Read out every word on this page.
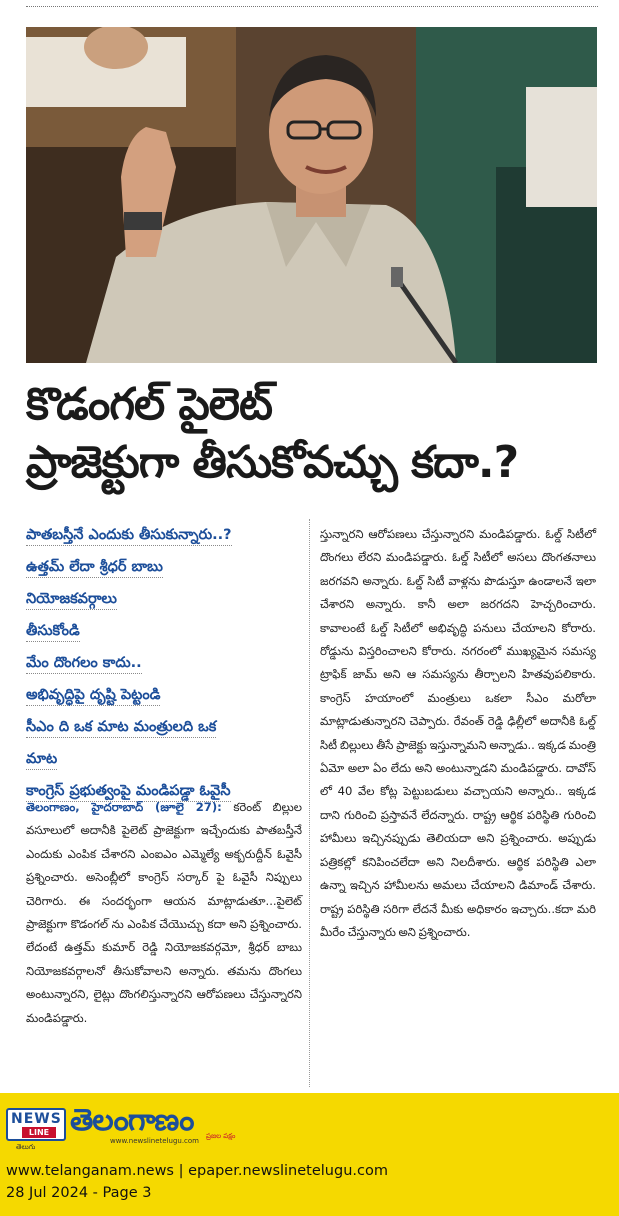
కొడంగల్ పైలెట్
ప్రాజెక్టుగా తీసుకోవచ్చు కదా.?
పాతబస్తీనే ఎందుకు తీసుకున్నారు..?
ఉత్తమ్ లేదా శ్రీధర్ బాబు
నియోజకవర్గాలు
తీసుకోండి
మేం దొంగలం కాదు..
అభివృద్ధిపై దృష్టి పెట్టండి
సీఎం ది ఒక మాట మంత్రులది ఒక
మాట
కాంగ్రెస్ ప్రభుత్వంపై మండిపడ్డా ఓవైసీ
తెలంగాణం, హైదరాబాద్ (జూలై 27): కరెంట్ బిల్లుల వసూలులో అదానీకి పైలెట్ ప్రాజెక్టుగా ఇచ్చేందుకు పాతబస్తీనే ఎందుకు ఎంపిక చేశారని ఎంఐఎం ఎమ్మెల్యే అక్బరుద్దీన్ ఓవైసీ ప్రశ్నించారు. అసెంబ్లీలో కాంగ్రెస్ సర్కార్ పై ఓవైసీ నిప్పులు చెరిగారు. ఈ సందర్భంగా ఆయన మాట్లాడుతూ...పైలెట్ ప్రాజెక్టుగా కొడంగల్ ను ఎంపిక చేయొచ్చు కదా అని ప్రశ్నించారు. లేదంటే ఉత్తమ్ కుమార్ రెడ్డి నియోజకవర్గమో, శ్రీధర్ బాబు నియోజకవర్గాలనో తీసుకోవాలని అన్నారు. తమను దొంగలు అంటున్నారని, లైట్లు దొంగలిస్తున్నారని ఆరోపణలు చేస్తున్నారని మండిపడ్డారు.
స్తున్నారని ఆరోపణలు చేస్తున్నారని మండిపడ్డారు. ఓల్డ్ సిటీలో దొంగలు లేరని మండిపడ్డారు. ఓల్డ్ సిటీలో అసలు దొంగతనాలు జరగవని అన్నారు. ఓల్డ్ సిటీ వాళ్లను పొడుస్తూ ఉండాలనే ఇలా చేశారని అన్నారు. కానీ అలా జరగదని హెచ్చరించారు. కావాలంటే ఓల్డ్ సిటీలో అభివృద్ధి పనులు చేయాలని కోరారు. రోడ్డును విస్తరించాలని కోరారు. నగరంలో ముఖ్యమైన సమస్య ట్రాఫిక్ జామ్ అని ఆ సమస్యను తీర్చాలని హితవుపలికారు. కాంగ్రెస్ హయాంలో మంత్రులు ఒకలా సీఎం మరోలా మాట్లాడుతున్నారని చెప్పారు. రేవంత్ రెడ్డి ఢిల్లీలో అదానీకి ఓల్డ్ సిటీ బిల్లులు తీసే ప్రాజెక్టు ఇస్తున్నామని అన్నాడు.. ఇక్కడ మంత్రి ఏమో అలా ఏం లేదు అని అంటున్నాడని మండిపడ్డారు. దావోస్ లో 40 వేల కోట్ల పెట్టుబడులు వచ్చాయని అన్నారు.. ఇక్కడ దాని గురించి ప్రస్తావనే లేదన్నారు. రాష్ట్ర ఆర్థిక పరిస్థితి గురించి హామీలు ఇచ్చినప్పుడు తెలియదా అని ప్రశ్నించారు. అప్పుడు పత్రికల్లో కనిపించలేదా అని నిలదీశారు. ఆర్థిక పరిస్థితి ఎలా ఉన్నా ఇచ్చిన హామీలను అమలు చేయాలని డిమాండ్ చేశారు. రాష్ట్ర పరిస్థితి సరిగా లేదనే మీకు అధికారం ఇచ్చారు..కదా మరి మీరేం చేస్తున్నారు అని ప్రశ్నించారు.
NEWS
LINE
తెలుగు
తెలంగాణం
www.newslinetelugu.com
ప్రజల పక్షం
www.telanganam.news | epaper.newslinetelugu.com
28 Jul 2024 - Page 3
